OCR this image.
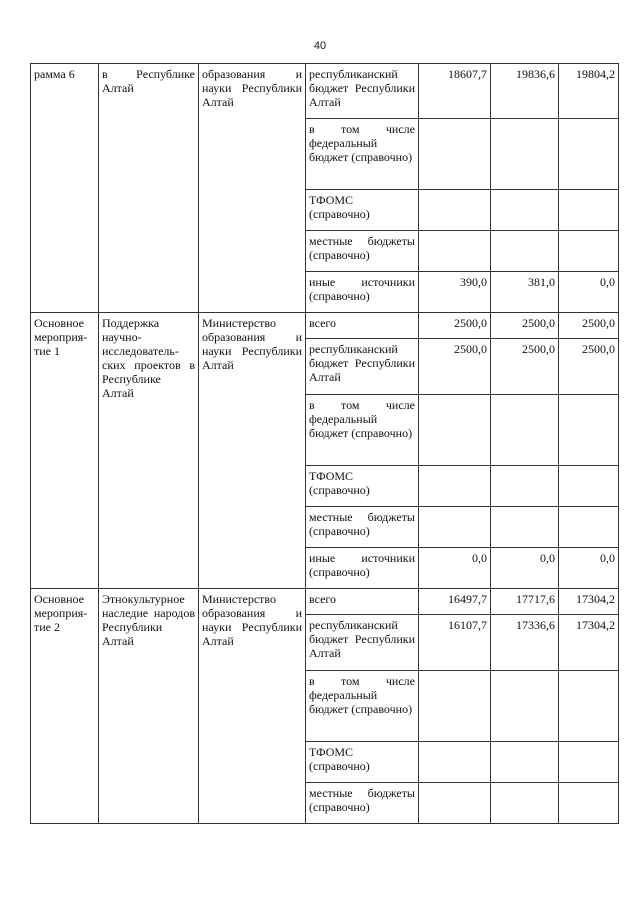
40
рамма 6	в Республике Алтай	образования и науки Республики Алтай	республиканский бюджет Республики Алтай	18607,7	19836,6	19804,2
			в том числе федеральный бюджет (справочно)			
			ТФОМС (справочно)			
			местные бюджеты (справочно)			
			иные источники (справочно)	390,0	381,0	0,0
Основное мероприя-тие 1	Поддержка научно-исследователь-ских проектов в Республике Алтай	Министерство образования и науки Республики Алтай	всего	2500,0	2500,0	2500,0
			республиканский бюджет Республики Алтай	2500,0	2500,0	2500,0
			в том числе федеральный бюджет (справочно)			
			ТФОМС (справочно)			
			местные бюджеты (справочно)			
			иные источники (справочно)	0,0	0,0	0,0
Основное мероприя-тие 2	Этнокультурное наследие народов Республики Алтай	Министерство образования и науки Республики Алтай	всего	16497,7	17717,6	17304,2
			республиканский бюджет Республики Алтай	16107,7	17336,6	17304,2
			в том числе федеральный бюджет (справочно)			
			ТФОМС (справочно)			
			местные бюджеты (справочно)			
